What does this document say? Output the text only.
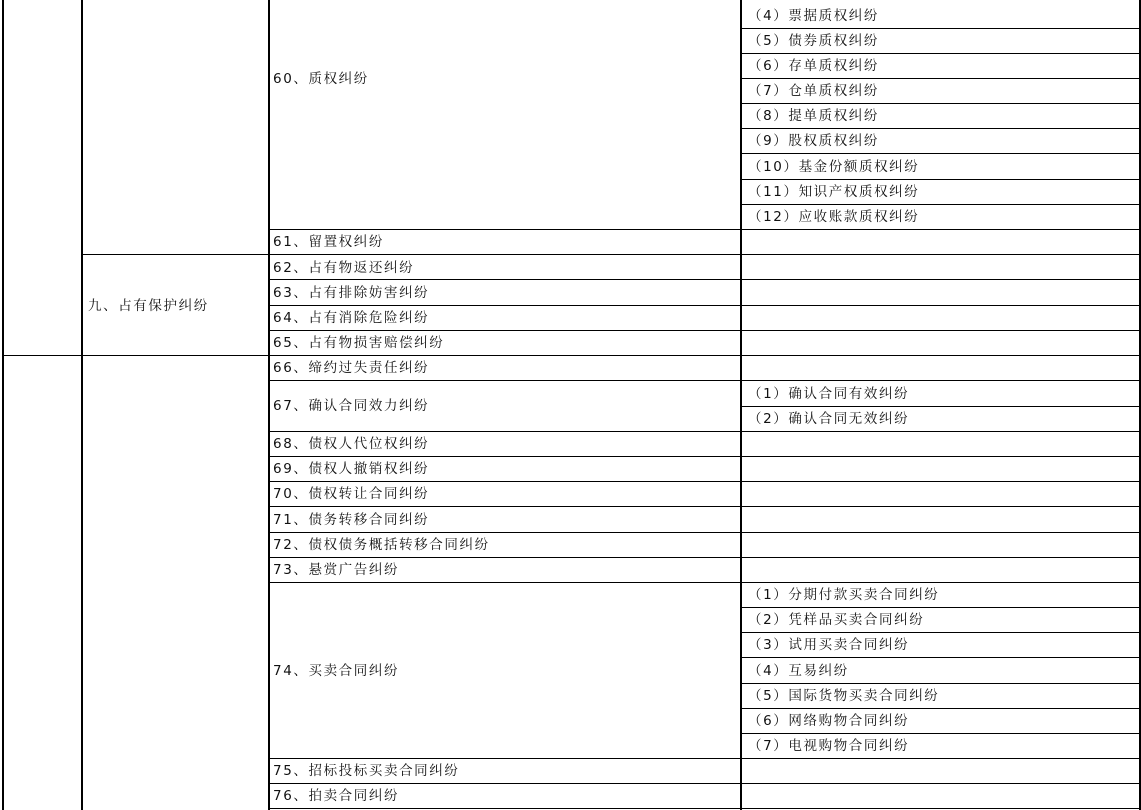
九、占有保护纠纷
60、质权纠纷
67、确认合同效力纠纷
74、买卖合同纠纷
（4）票据质权纠纷
（5）债券质权纠纷
（6）存单质权纠纷
（7）仓单质权纠纷
（8）提单质权纠纷
（9）股权质权纠纷
（10）基金份额质权纠纷
（11）知识产权质权纠纷
（12）应收账款质权纠纷
61、留置权纠纷
62、占有物返还纠纷
63、占有排除妨害纠纷
64、占有消除危险纠纷
65、占有物损害赔偿纠纷
66、缔约过失责任纠纷
（1）确认合同有效纠纷
（2）确认合同无效纠纷
68、债权人代位权纠纷
69、债权人撤销权纠纷
70、债权转让合同纠纷
71、债务转移合同纠纷
72、债权债务概括转移合同纠纷
73、悬赏广告纠纷
（1）分期付款买卖合同纠纷
（2）凭样品买卖合同纠纷
（3）试用买卖合同纠纷
（4）互易纠纷
（5）国际货物买卖合同纠纷
（6）网络购物合同纠纷
（7）电视购物合同纠纷
75、招标投标买卖合同纠纷
76、拍卖合同纠纷
